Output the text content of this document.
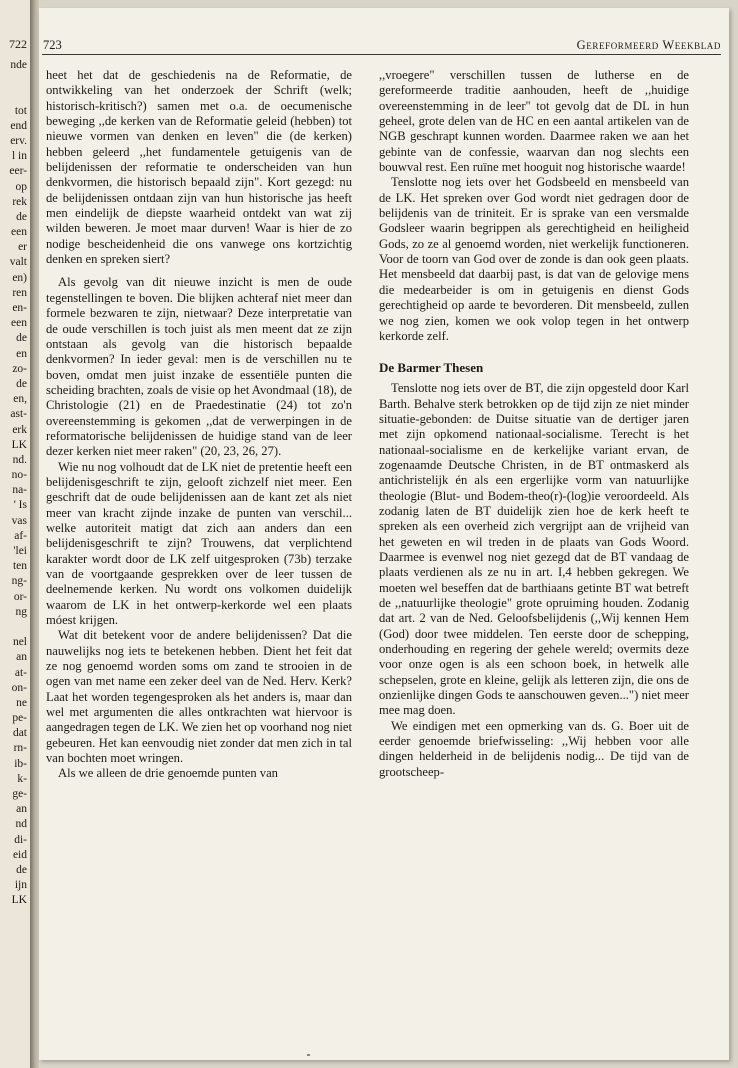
722
nde
tot
end
erv.
l in
eer-
op
rek
de
een
er
valt
en)
ren
en-
een
de
en
zo-
de
en,
ast-
erk
LK
nd.
no-
na-
' Is
vas
af-
'lei
ten
ng-
or-
ng
nel
an
at-
on-
ne
pe-
dat
rn-
ib-
k-
ge-
an
nd
di-
eid
de
ijn
LK
723	Gereformeerd Weekblad

heet het dat de geschiedenis na de Reformatie, de ontwikkeling van het onderzoek der Schrift (welk; historisch-kritisch?) samen met o.a. de oecumenische beweging ,,de kerken van de Reformatie geleid (hebben) tot nieuwe vormen van denken en leven" die (de kerken) hebben geleerd ,,het fundamentele getuigenis van de belijdenissen der reformatie te onderscheiden van hun denkvormen, die historisch bepaald zijn". Kort gezegd: nu de belijdenissen ontdaan zijn van hun historische jas heeft men eindelijk de diepste waarheid ontdekt van wat zij wilden beweren. Je moet maar durven! Waar is hier de zo nodige bescheidenheid die ons vanwege ons kortzichtig denken en spreken siert?

Als gevolg van dit nieuwe inzicht is men de oude tegenstellingen te boven. Die blijken achteraf niet meer dan formele bezwaren te zijn, nietwaar? Deze interpretatie van de oude verschillen is toch juist als men meent dat ze zijn ontstaan als gevolg van die historisch bepaalde denkvormen? In ieder geval: men is de verschillen nu te boven, omdat men juist inzake de essentiële punten die scheiding brachten, zoals de visie op het Avondmaal (18), de Christologie (21) en de Praedestinatie (24) tot zo'n overeenstemming is gekomen ,,dat de verwerpingen in de reformatorische belijdenissen de huidige stand van de leer dezer kerken niet meer raken" (20, 23, 26, 27).

Wie nu nog volhoudt dat de LK niet de pretentie heeft een belijdenisgeschrift te zijn, gelooft zichzelf niet meer. Een geschrift dat de oude belijdenissen aan de kant zet als niet meer van kracht zijnde inzake de punten van verschil... welke autoriteit matigt dat zich aan anders dan een belijdenisgeschrift te zijn? Trouwens, dat verplichtend karakter wordt door de LK zelf uitgesproken (73b) terzake van de voortgaande gesprekken over de leer tussen de deelnemende kerken. Nu wordt ons volkomen duidelijk waarom de LK in het ontwerp-kerkorde wel een plaats móest krijgen.

Wat dit betekent voor de andere belijdenissen? Dat die nauwelijks nog iets te betekenen hebben. Dient het feit dat ze nog genoemd worden soms om zand te strooien in de ogen van met name een zeker deel van de Ned. Herv. Kerk? Laat het worden tegengesproken als het anders is, maar dan wel met argumenten die alles ontkrachten wat hiervoor is aangedragen tegen de LK. We zien het op voorhand nog niet gebeuren. Het kan eenvoudig niet zonder dat men zich in tal van bochten moet wringen.

Als we alleen de drie genoemde punten van

,,vroegere" verschillen tussen de lutherse en de gereformeerde traditie aanhouden, heeft de ,,huidige overeenstemming in de leer" tot gevolg dat de DL in hun geheel, grote delen van de HC en een aantal artikelen van de NGB geschrapt kunnen worden. Daarmee raken we aan het gebinte van de confessie, waarvan dan nog slechts een bouwval rest. Een ruïne met hooguit nog historische waarde!

Tenslotte nog iets over het Godsbeeld en mensbeeld van de LK. Het spreken over God wordt niet gedragen door de belijdenis van de triniteit. Er is sprake van een versmalde Godsleer waarin begrippen als gerechtigheid en heiligheid Gods, zo ze al genoemd worden, niet werkelijk functioneren. Voor de toorn van God over de zonde is dan ook geen plaats. Het mensbeeld dat daarbij past, is dat van de gelovige mens die medearbeider is om in getuigenis en dienst Gods gerechtigheid op aarde te bevorderen. Dit mensbeeld, zullen we nog zien, komen we ook volop tegen in het ontwerp kerkorde zelf.

De Barmer Thesen

Tenslotte nog iets over de BT, die zijn opgesteld door Karl Barth. Behalve sterk betrokken op de tijd zijn ze niet minder situatie-gebonden: de Duitse situatie van de dertiger jaren met zijn opkomend nationaal-socialisme. Terecht is het nationaal-socialisme en de kerkelijke variant ervan, de zogenaamde Deutsche Christen, in de BT ontmaskerd als antichristelijk én als een ergerlijke vorm van natuurlijke theologie (Blut- und Bodem-theo(r)-(log)ie veroordeeld. Als zodanig laten de BT duidelijk zien hoe de kerk heeft te spreken als een overheid zich vergrijpt aan de vrijheid van het geweten en wil treden in de plaats van Gods Woord. Daarmee is evenwel nog niet gezegd dat de BT vandaag de plaats verdienen als ze nu in art. I,4 hebben gekregen. We moeten wel beseffen dat de barthiaans getinte BT wat betreft de ,,natuurlijke theologie" grote opruiming houden. Zodanig dat art. 2 van de Ned. Geloofsbelijdenis (,,Wij kennen Hem (God) door twee middelen. Ten eerste door de schepping, onderhouding en regering der gehele wereld; overmits deze voor onze ogen is als een schoon boek, in hetwelk alle schepselen, grote en kleine, gelijk als letteren zijn, die ons de onzienlijke dingen Gods te aanschouwen geven...") niet meer mee mag doen.

We eindigen met een opmerking van ds. G. Boer uit de eerder genoemde briefwisseling: ,,Wij hebben voor alle dingen helderheid in de belijdenis nodig... De tijd van de grootscheep-
